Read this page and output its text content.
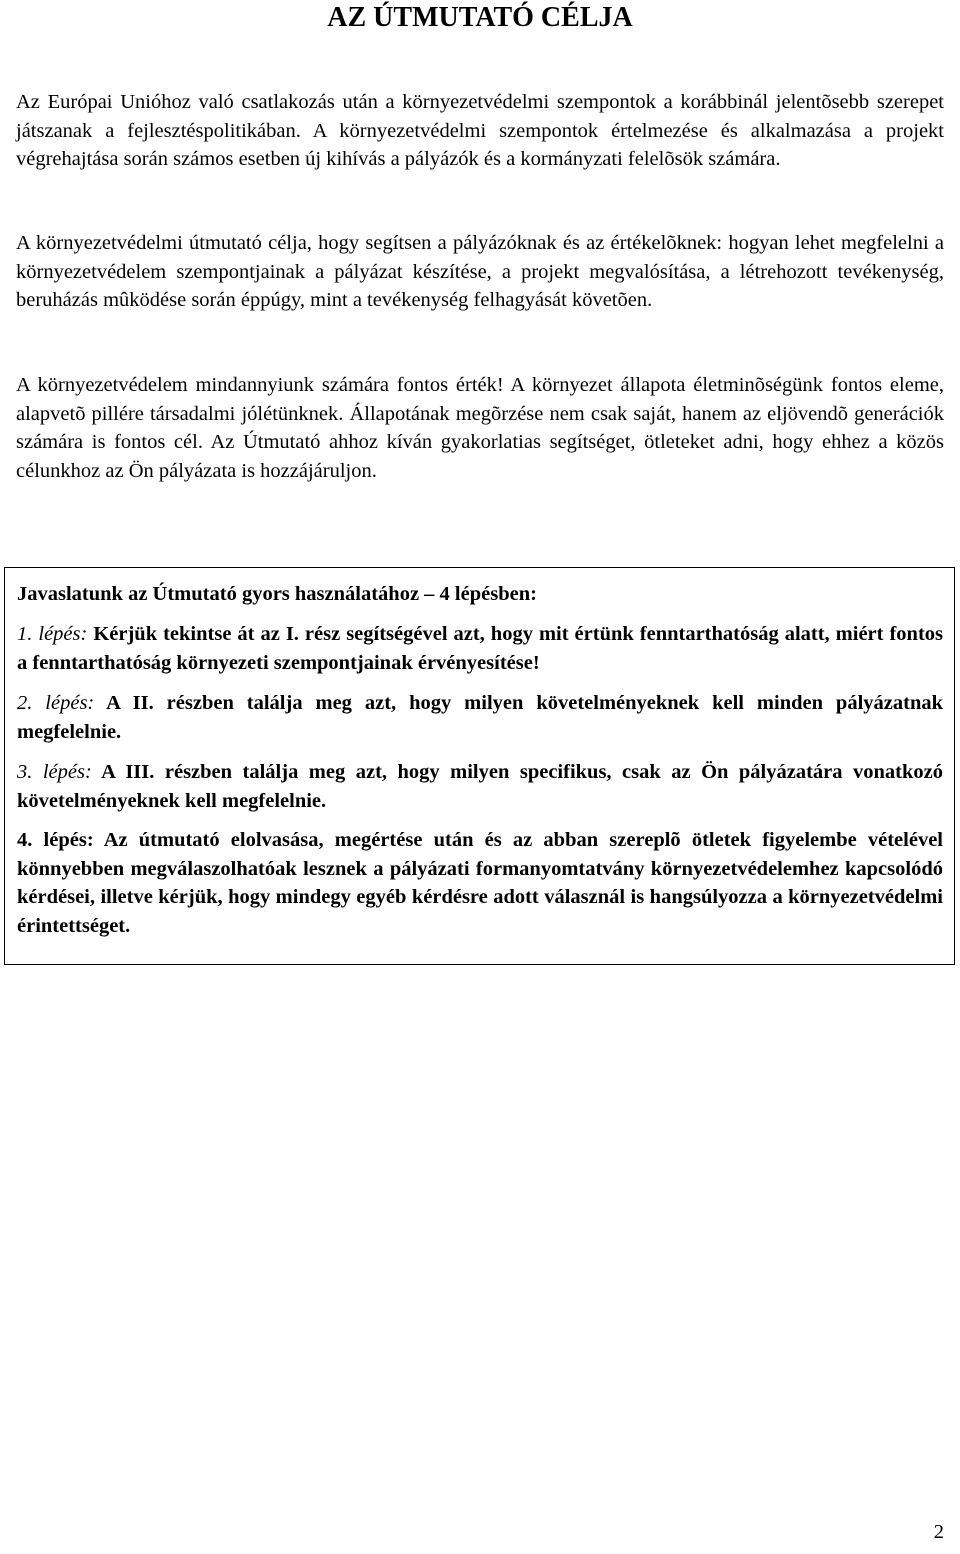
AZ ÚTMUTATÓ CÉLJA

Az Európai Unióhoz való csatlakozás után a környezetvédelmi szempontok a korábbinál jelentõsebb szerepet játszanak a fejlesztéspolitikában. A környezetvédelmi szempontok értelmezése és alkalmazása a projekt végrehajtása során számos esetben új kihívás a pályázók és a kormányzati felelõsök számára.

A környezetvédelmi útmutató célja, hogy segítsen a pályázóknak és az értékelõknek: hogyan lehet megfelelni a környezetvédelem szempontjainak a pályázat készítése, a projekt megvalósítása, a létrehozott tevékenység, beruházás mûködése során éppúgy, mint a tevékenység felhagyását követõen.

A környezetvédelem mindannyiunk számára fontos érték! A környezet állapota életminõségünk fontos eleme, alapvetõ pillére társadalmi jólétünknek. Állapotának megõrzése nem csak saját, hanem az eljövendõ generációk számára is fontos cél. Az Útmutató ahhoz kíván gyakorlatias segítséget, ötleteket adni, hogy ehhez a közös célunkhoz az Ön pályázata is hozzájáruljon.

Javaslatunk az Útmutató gyors használatához – 4 lépésben:

1. lépés: Kérjük tekintse át az I. rész segítségével azt, hogy mit értünk fenntarthatóság alatt, miért fontos a fenntarthatóság környezeti szempontjainak érvényesítése!

2. lépés: A II. részben találja meg azt, hogy milyen követelményeknek kell minden pályázatnak megfelelnie.

3. lépés: A III. részben találja meg azt, hogy milyen specifikus, csak az Ön pályázatára vonatkozó követelményeknek kell megfelelnie.

4. lépés: Az útmutató elolvasása, megértése után és az abban szereplõ ötletek figyelembe vételével könnyebben megválaszolhatóak lesznek a pályázati formanyomtatvány környezetvédelemhez kapcsolódó kérdései, illetve kérjük, hogy mindegy egyéb kérdésre adott válasznál is hangsúlyozza a környezetvédelmi érintettséget.

2
